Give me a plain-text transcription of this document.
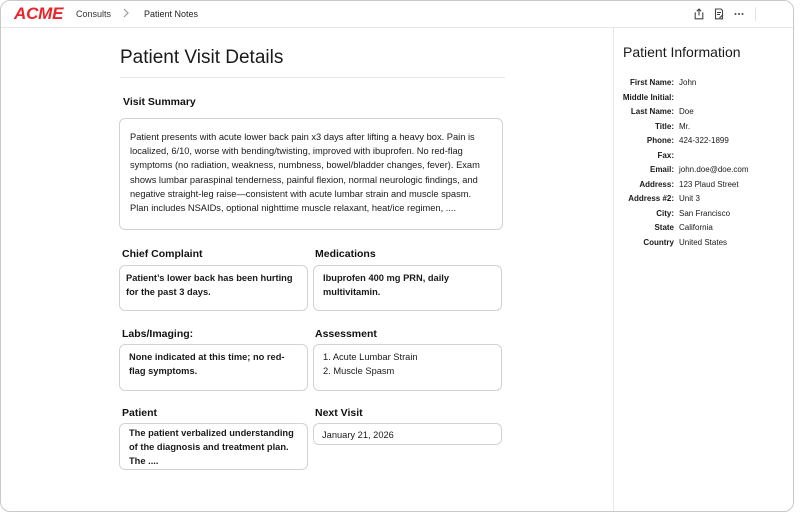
ACME Consults	Patient Notes
Patient Visit Details
Visit Summary

Patient presents with acute lower back pain x3 days after lifting a heavy box. Pain is localized, 6/10, worse with bending/twisting, improved with ibuprofen. No red-flag symptoms (no radiation, weakness, numbness, bowel/bladder changes, fever). Exam shows lumbar paraspinal tenderness, painful flexion, normal neurologic findings, and negative straight-leg raise—consistent with acute lumbar strain and muscle spasm.

Plan includes NSAIDs, optional nighttime muscle relaxant, heat/ice regimen, ....

Chief Complaint

Patient’s lower back has been hurting for the past 3 days.

Medications

Ibuprofen 400 mg PRN, daily multivitamin.

Labs/Imaging:

None indicated at this time; no red-flag symptoms.

Assessment
1. Acute Lumbar Strain
2. Muscle Spasm
Patient

The patient verbalized understanding of the diagnosis and treatment plan. The ....

Next Visit
January 21, 2026
Patient Information
First Name: John
Middle Initial:
Last Name: Doe
Title: Mr.
Phone: 424-322-1899
Fax:
Email: john.doe@doe.com
Address: 123 Plaud Street
Address #2: Unit 3
City: San Francisco
State California
Country United States
